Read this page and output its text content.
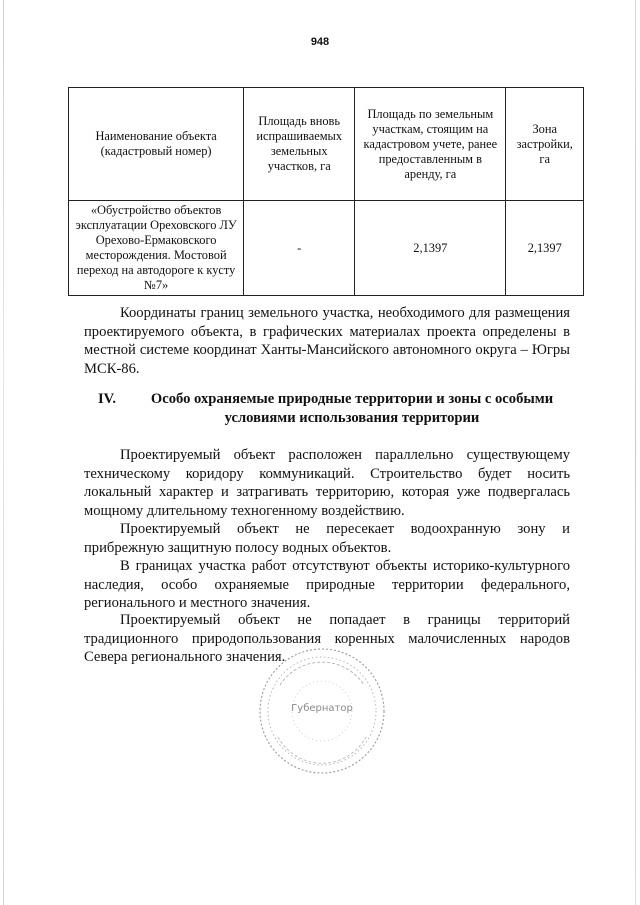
948
Наименование объекта (кадастровый номер)	Площадь вновь испрашиваемых земельных участков, га	Площадь по земельным участкам, стоящим на кадастровом учете, ранее предоставленным в аренду, га	Зона застройки, га
«Обустройство объектов эксплуатации Ореховского ЛУ Орехово-Ермаковского месторождения. Мостовой переход на автодороге к кусту №7»	-	2,1397	2,1397

Координаты границ земельного участка, необходимого для размещения проектируемого объекта, в графических материалах проекта определены в местной системе координат Ханты-Мансийского автономного округа – Югры МСК-86.

IV.	Особо охраняемые природные территории и зоны с особыми условиями использования территории

Проектируемый объект расположен параллельно существующему техническому коридору коммуникаций. Строительство будет носить локальный характер и затрагивать территорию, которая уже подвергалась мощному длительному техногенному воздействию.

Проектируемый объект не пересекает водоохранную зону и прибрежную защитную полосу водных объектов.

В границах участка работ отсутствуют объекты историко-культурного наследия, особо охраняемые природные территории федерального, регионального и местного значения.

Проектируемый объект не попадает в границы территорий традиционного природопользования коренных малочисленных народов Севера регионального значения.

Губернатор
